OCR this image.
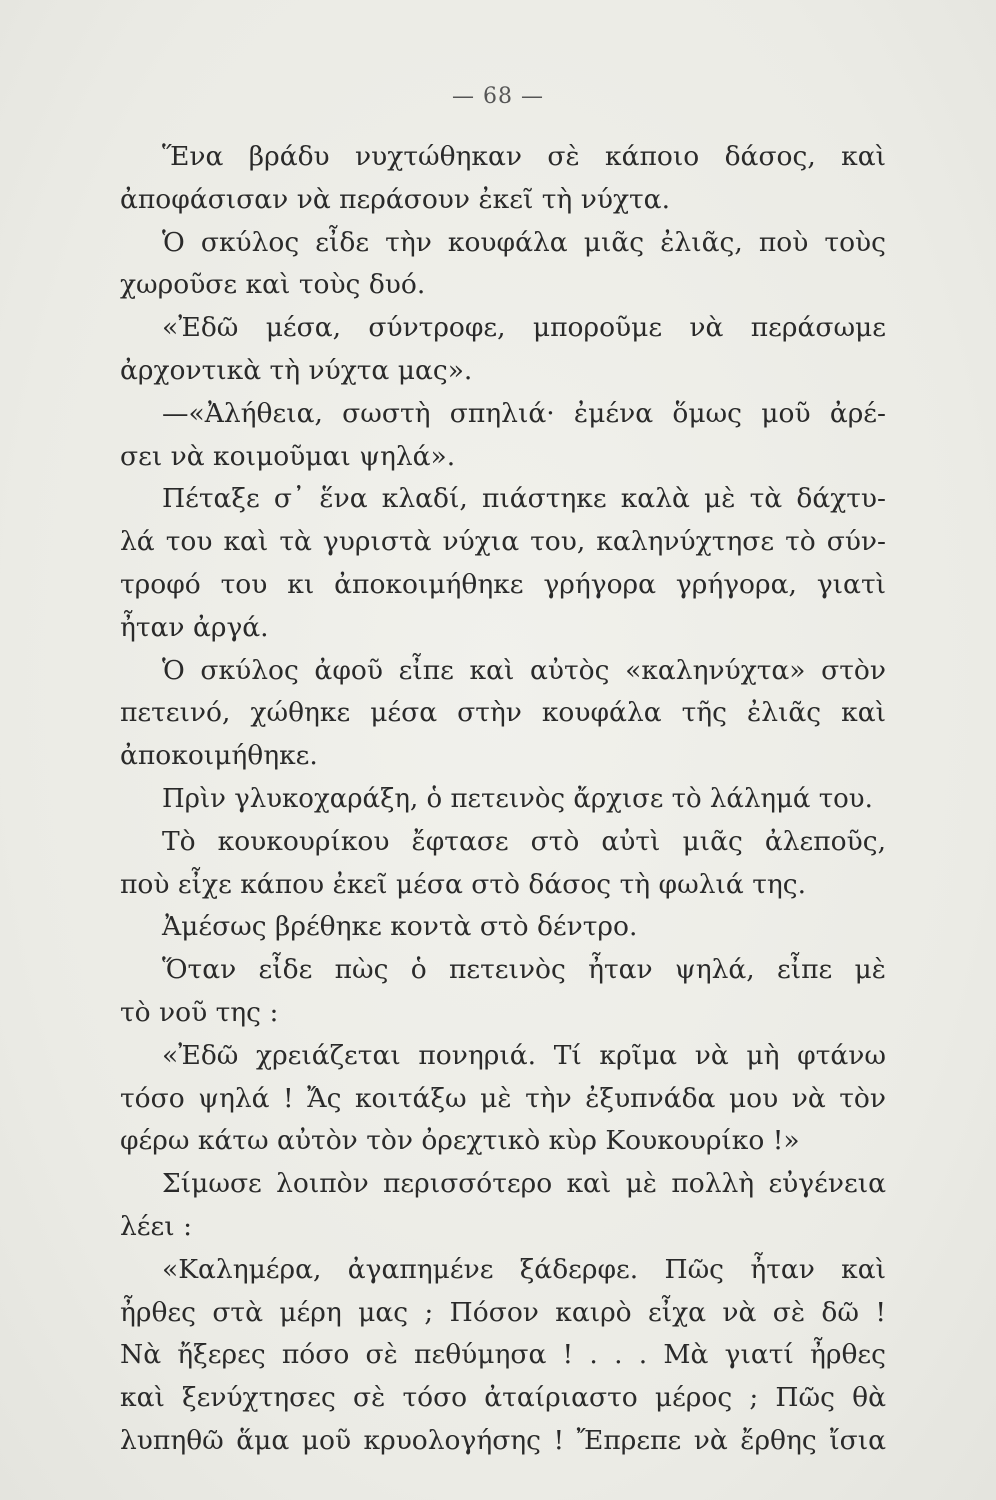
— 68 —
Ἕνα βράδυ νυχτώθηκαν σὲ κάποιο δάσος, καὶ
ἀποφάσισαν νὰ περάσουν ἐκεῖ τὴ νύχτα.
Ὁ σκύλος εἶδε τὴν κουφάλα μιᾶς ἐλιᾶς, ποὺ τοὺς
χωροῦσε καὶ τοὺς δυό.
«Ἐδῶ μέσα, σύντροφε, μποροῦμε νὰ περάσωμε
ἀρχοντικὰ τὴ νύχτα μας».
—«Ἀλήθεια, σωστὴ σπηλιά· ἐμένα ὅμως μοῦ ἀρέ-
σει νὰ κοιμοῦμαι ψηλά».
Πέταξε σ᾽ ἕνα κλαδί, πιάστηκε καλὰ μὲ τὰ δάχτυ-
λά του καὶ τὰ γυριστὰ νύχια του, καληνύχτησε τὸ σύν-
τροφό του κι ἀποκοιμήθηκε γρήγορα γρήγορα, γιατὶ
ἦταν ἀργά.
Ὁ σκύλος ἀφοῦ εἶπε καὶ αὐτὸς «καληνύχτα» στὸν
πετεινό, χώθηκε μέσα στὴν κουφάλα τῆς ἐλιᾶς καὶ
ἀποκοιμήθηκε.
Πρὶν γλυκοχαράξη, ὁ πετεινὸς ἄρχισε τὸ λάλημά του.
Τὸ κουκουρίκου ἔφτασε στὸ αὐτὶ μιᾶς ἀλεποῦς,
ποὺ εἶχε κάπου ἐκεῖ μέσα στὸ δάσος τὴ φωλιά της.
Ἀμέσως βρέθηκε κοντὰ στὸ δέντρο.
Ὅταν εἶδε πὼς ὁ πετεινὸς ἦταν ψηλά, εἶπε μὲ
τὸ νοῦ της :
«Ἐδῶ χρειάζεται πονηριά. Τί κρῖμα νὰ μὴ φτάνω
τόσο ψηλά ! Ἄς κοιτάξω μὲ τὴν ἐξυπνάδα μου νὰ τὸν
φέρω κάτω αὐτὸν τὸν ὀρεχτικὸ κὺρ Κουκουρίκο !»
Σίμωσε λοιπὸν περισσότερο καὶ μὲ πολλὴ εὐγένεια
λέει :
«Καλημέρα, ἀγαπημένε ξάδερφε. Πῶς ἦταν καὶ
ἦρθες στὰ μέρη μας ; Πόσον καιρὸ εἶχα νὰ σὲ δῶ !
Νὰ ἤξερες πόσο σὲ πεθύμησα ! . . . Μὰ γιατί ἦρθες
καὶ ξενύχτησες σὲ τόσο ἀταίριαστο μέρος ; Πῶς θὰ
λυπηθῶ ἅμα μοῦ κρυολογήσης ! Ἔπρεπε νὰ ἔρθης ἴσια
